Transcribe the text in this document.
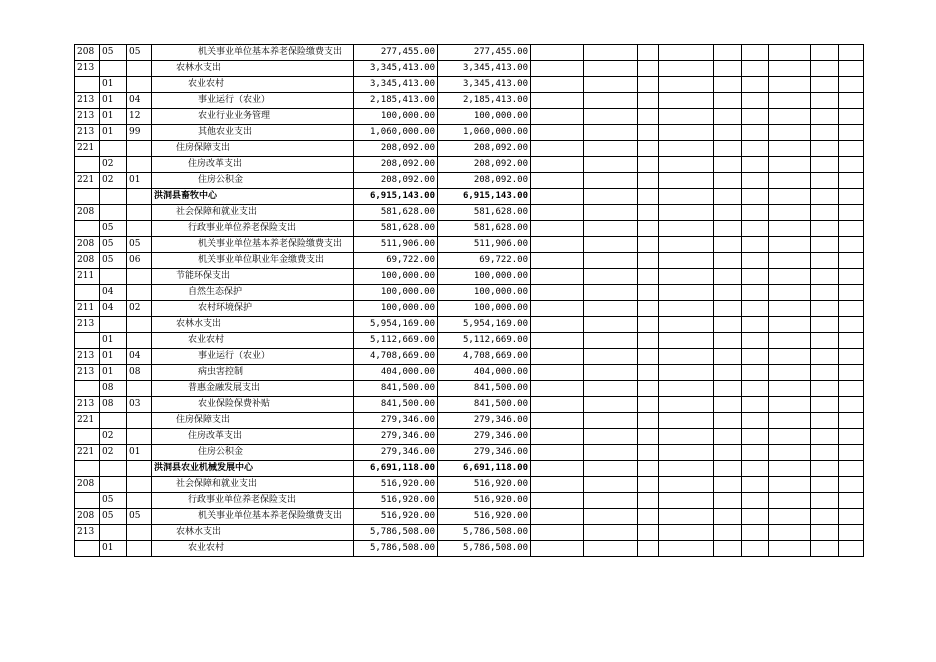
208	05	05	机关事业单位基本养老保险缴费支出	277,455.00	277,455.00									
213			农林水支出	3,345,413.00	3,345,413.00									
	01		农业农村	3,345,413.00	3,345,413.00									
213	01	04	事业运行（农业）	2,185,413.00	2,185,413.00									
213	01	12	农业行业业务管理	100,000.00	100,000.00									
213	01	99	其他农业支出	1,060,000.00	1,060,000.00									
221			住房保障支出	208,092.00	208,092.00									
	02		住房改革支出	208,092.00	208,092.00									
221	02	01	住房公积金	208,092.00	208,092.00									
			洪洞县畜牧中心	6,915,143.00	6,915,143.00									
208			社会保障和就业支出	581,628.00	581,628.00									
	05		行政事业单位养老保险支出	581,628.00	581,628.00									
208	05	05	机关事业单位基本养老保险缴费支出	511,906.00	511,906.00									
208	05	06	机关事业单位职业年金缴费支出	69,722.00	69,722.00									
211			节能环保支出	100,000.00	100,000.00									
	04		自然生态保护	100,000.00	100,000.00									
211	04	02	农村环境保护	100,000.00	100,000.00									
213			农林水支出	5,954,169.00	5,954,169.00									
	01		农业农村	5,112,669.00	5,112,669.00									
213	01	04	事业运行（农业）	4,708,669.00	4,708,669.00									
213	01	08	病虫害控制	404,000.00	404,000.00									
	08		普惠金融发展支出	841,500.00	841,500.00									
213	08	03	农业保险保费补贴	841,500.00	841,500.00									
221			住房保障支出	279,346.00	279,346.00									
	02		住房改革支出	279,346.00	279,346.00									
221	02	01	住房公积金	279,346.00	279,346.00									
			洪洞县农业机械发展中心	6,691,118.00	6,691,118.00									
208			社会保障和就业支出	516,920.00	516,920.00									
	05		行政事业单位养老保险支出	516,920.00	516,920.00									
208	05	05	机关事业单位基本养老保险缴费支出	516,920.00	516,920.00									
213			农林水支出	5,786,508.00	5,786,508.00									
	01		农业农村	5,786,508.00	5,786,508.00									
